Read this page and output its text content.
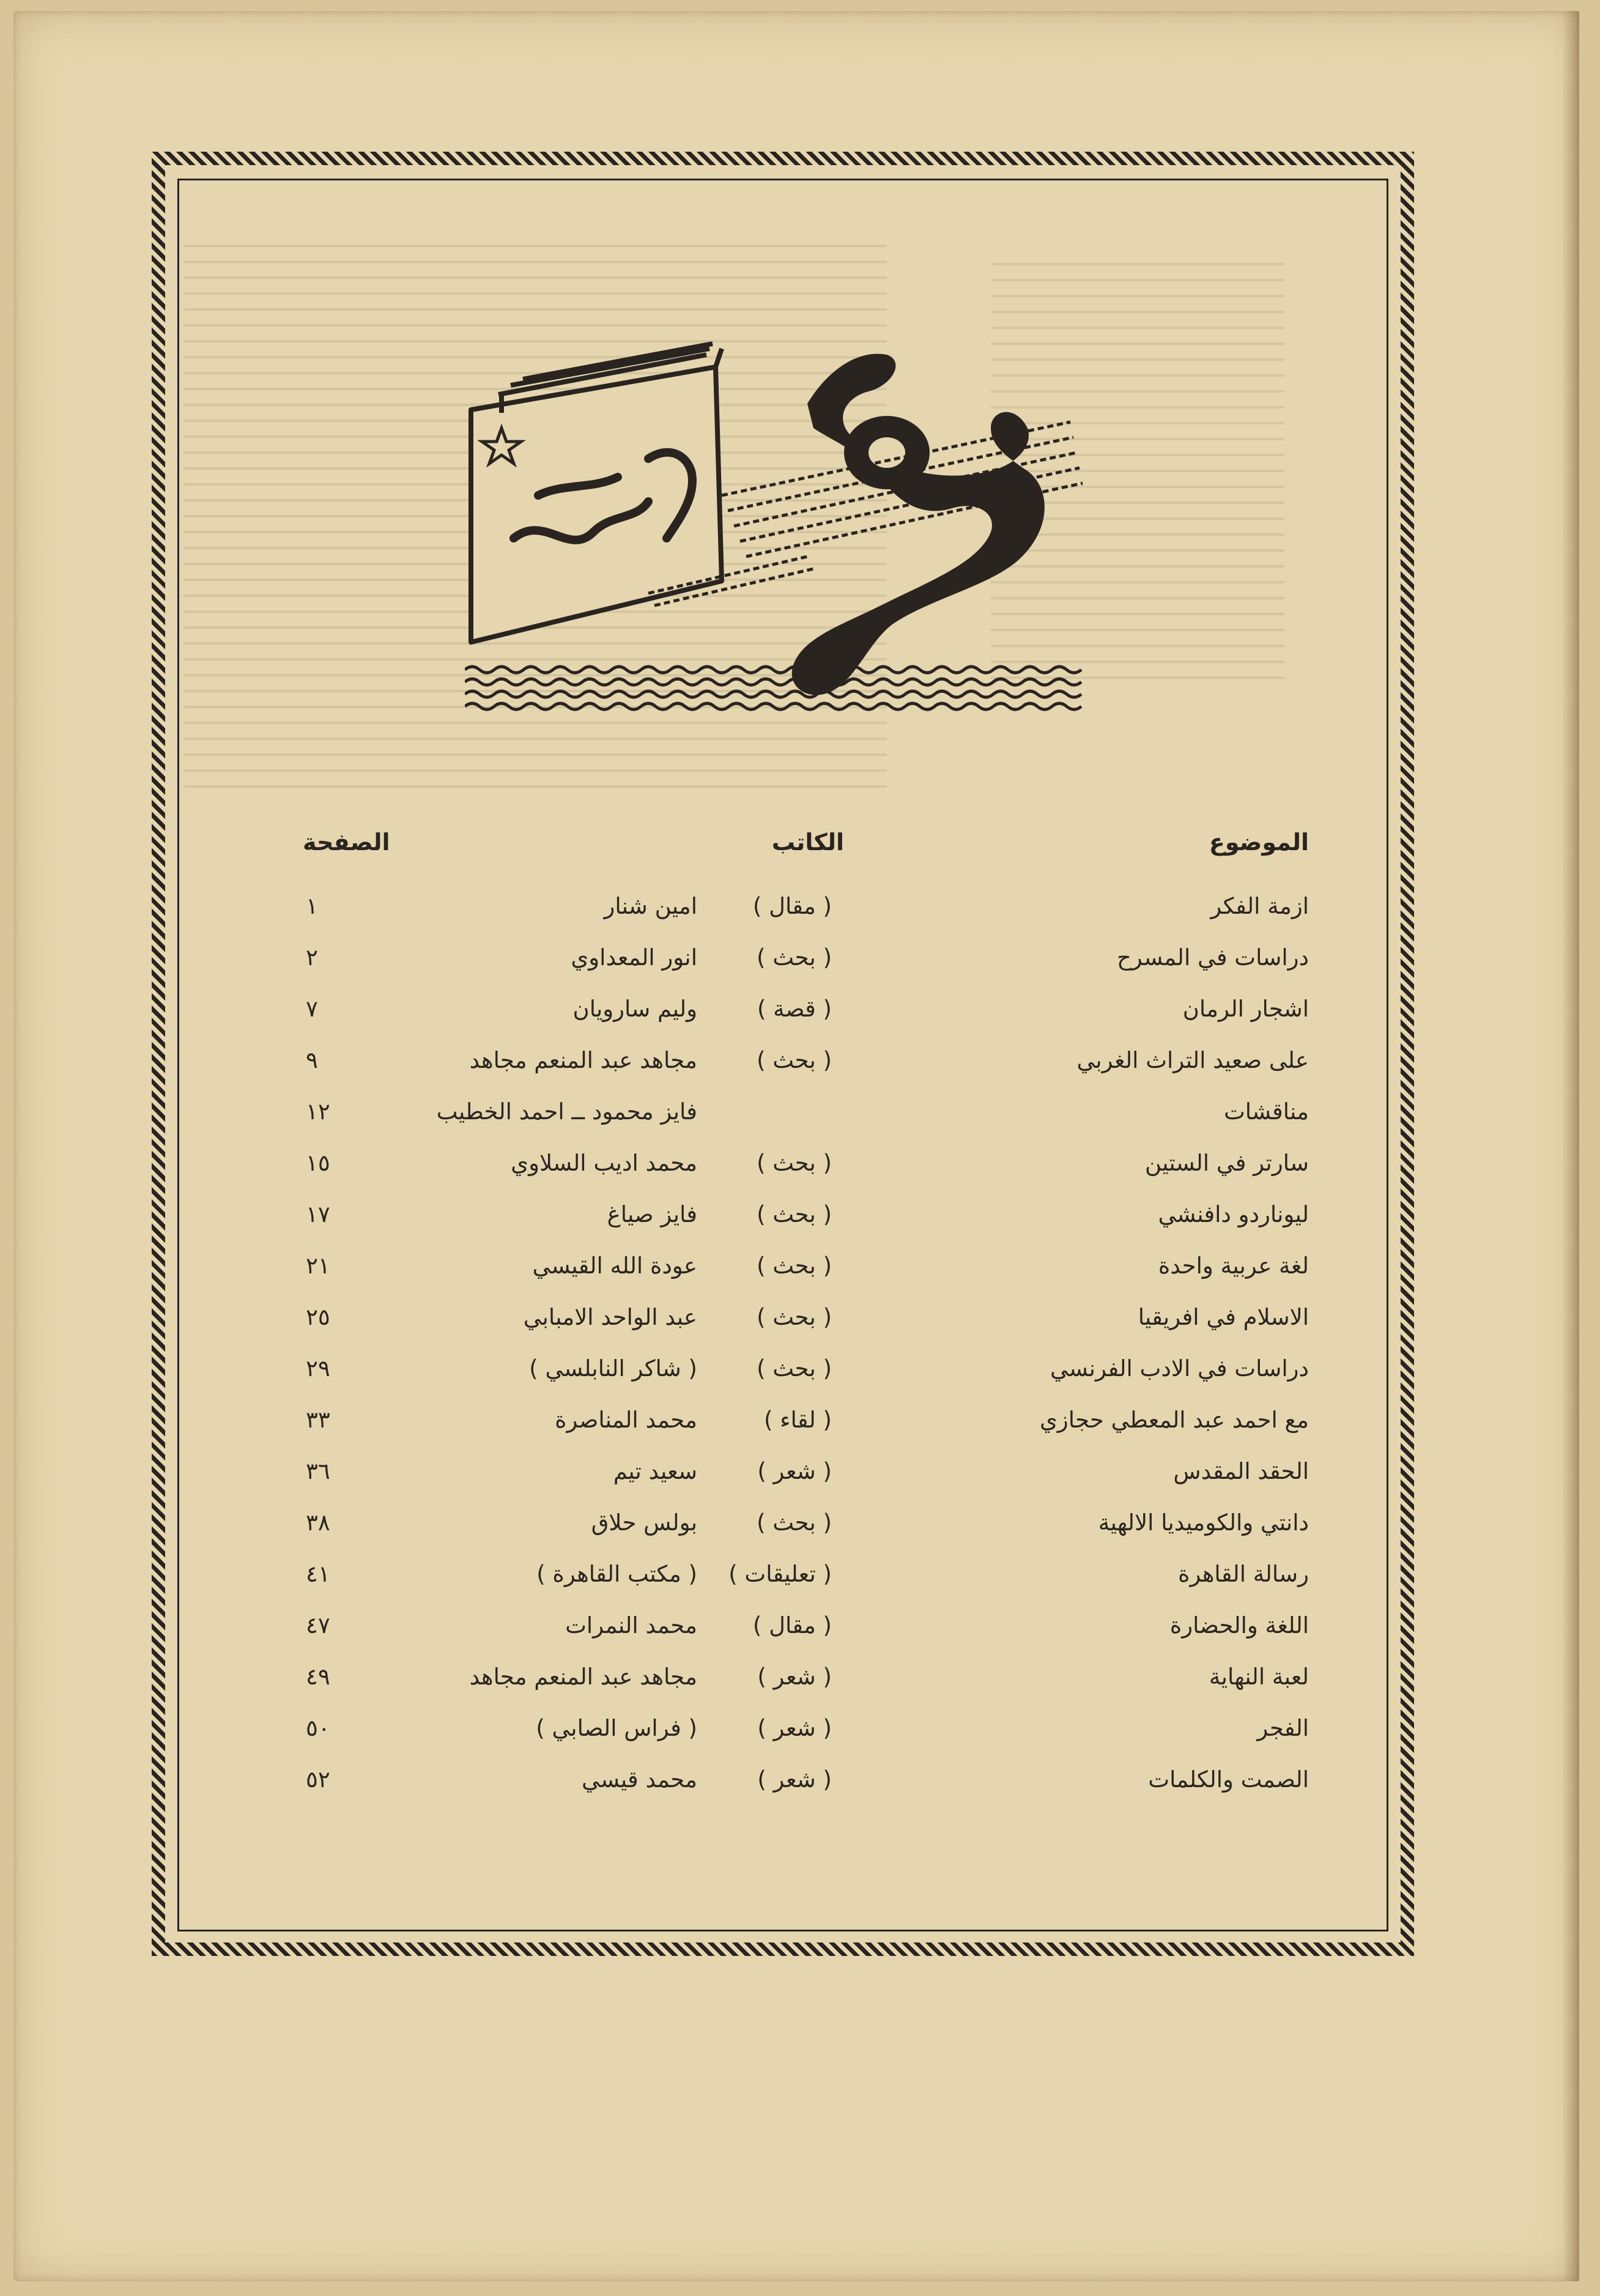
الموضوع
الكاتب
الصفحة
ازمة الفكر
( مقال )
امين شنار
١
دراسات في المسرح
( بحث )
انور المعداوي
٢
اشجار الرمان
( قصة )
وليم سارويان
٧
على صعيد التراث الغربي
( بحث )
مجاهد عبد المنعم مجاهد
٩
مناقشات
فايز محمود ــ احمد الخطيب
١٢
سارتر في الستين
( بحث )
محمد اديب السلاوي
١٥
ليوناردو دافنشي
( بحث )
فايز صياغ
١٧
لغة عربية واحدة
( بحث )
عودة الله القيسي
٢١
الاسلام في افريقيا
( بحث )
عبد الواحد الامبابي
٢٥
دراسات في الادب الفرنسي
( بحث )
( شاكر النابلسي )
٢٩
مع احمد عبد المعطي حجازي
( لقاء )
محمد المناصرة
٣٣
الحقد المقدس
( شعر )
سعيد تيم
٣٦
دانتي والكوميديا الالهية
( بحث )
بولس حلاق
٣٨
رسالة القاهرة
( تعليقات )
( مكتب القاهرة )
٤١
اللغة والحضارة
( مقال )
محمد النمرات
٤٧
لعبة النهاية
( شعر )
مجاهد عبد المنعم مجاهد
٤٩
الفجر
( شعر )
( فراس الصابي )
٥٠
الصمت والكلمات
( شعر )
محمد قيسي
٥٢
